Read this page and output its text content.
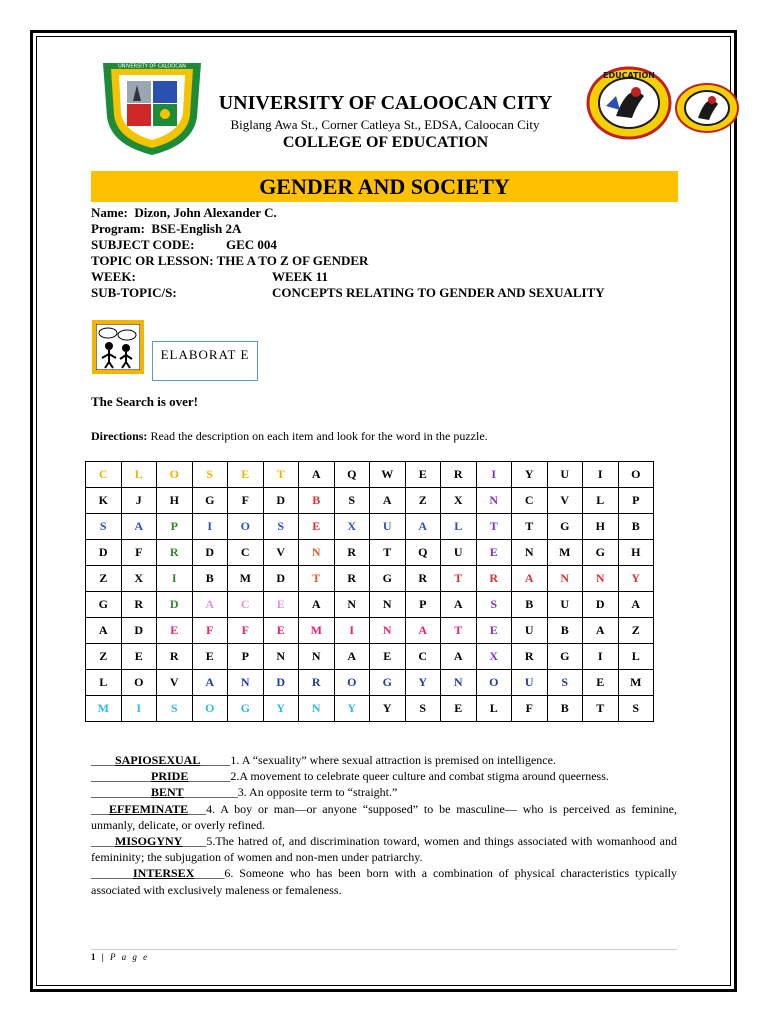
UNIVERSITY OF CALOOCAN
EDUCATION
UNIVERSITY OF CALOOCAN CITY
Biglang Awa St., Corner Catleya St., EDSA, Caloocan City
COLLEGE OF EDUCATION
GENDER AND SOCIETY
Name: Dizon, John Alexander C.
Program: BSE-English 2A
SUBJECT CODE: GEC 004
TOPIC OR LESSON: THE A TO Z OF GENDER
WEEK:	WEEK 11
SUB-TOPIC/S:	CONCEPTS RELATING TO GENDER AND SEXUALITY
ELABORAT E
The Search is over!
Directions: Read the description on each item and look for the word in the puzzle.
C	L	O	S	E	T	A	Q	W	E	R	I	Y	U	I	O
K	J	H	G	F	D	B	S	A	Z	X	N	C	V	L	P
S	A	P	I	O	S	E	X	U	A	L	T	T	G	H	B
D	F	R	D	C	V	N	R	T	Q	U	E	N	M	G	H
Z	X	I	B	M	D	T	R	G	R	T	R	A	N	N	Y
G	R	D	A	C	E	A	N	N	P	A	S	B	U	D	A
A	D	E	F	F	E	M	I	N	A	T	E	U	B	A	Z
Z	E	R	E	P	N	N	A	E	C	A	X	R	G	I	L
L	O	V	A	N	D	R	O	G	Y	N	O	U	S	E	M
M	I	S	O	G	Y	N	Y	Y	S	E	L	F	B	T	S

____SAPIOSEXUAL_____1. A “sexuality” where sexual attraction is premised on intelligence.

__________PRIDE_______2.A movement to celebrate queer culture and combat stigma around queerness.

__________BENT_________3. An opposite term to “straight.”

___EFFEMINATE___4. A boy or man—or anyone “supposed” to be masculine— who is perceived as feminine, unmanly, delicate, or overly refined.

____MISOGYNY____5.The hatred of, and discrimination toward, women and things associated with womanhood and femininity; the subjugation of women and non-men under patriarchy.

_______INTERSEX_____6. Someone who has been born with a combination of physical characteristics typically associated with exclusively maleness or femaleness.

1 | P a g e
